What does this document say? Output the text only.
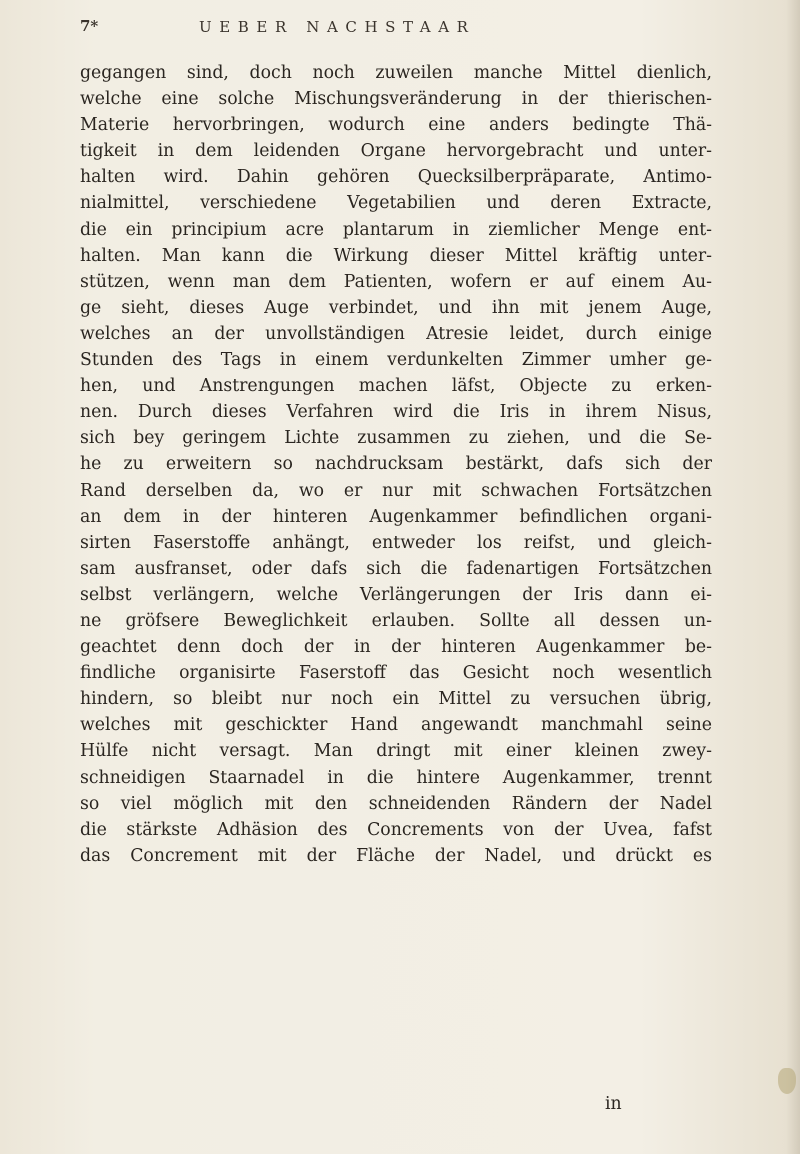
7*	UEBER NACHSTAAR
gegangen sind, doch noch zuweilen manche Mittel dienlich,
welche eine solche Mischungsveränderung in der thierischen-
Materie hervorbringen, wodurch eine anders bedingte Thä-
tigkeit in dem leidenden Organe hervorgebracht und unter-
halten wird. Dahin gehören Quecksilberpräparate, Antimo-
nialmittel, verschiedene Vegetabilien und deren Extracte,
die ein principium acre plantarum in ziemlicher Menge ent-
halten. Man kann die Wirkung dieser Mittel kräftig unter-
stützen, wenn man dem Patienten, wofern er auf einem Au-
ge sieht, dieses Auge verbindet, und ihn mit jenem Auge,
welches an der unvollständigen Atresie leidet, durch einige
Stunden des Tags in einem verdunkelten Zimmer umher ge-
hen, und Anstrengungen machen läfst, Objecte zu erken-
nen. Durch dieses Verfahren wird die Iris in ihrem Nisus,
sich bey geringem Lichte zusammen zu ziehen, und die Se-
he zu erweitern so nachdrucksam bestärkt, dafs sich der
Rand derselben da, wo er nur mit schwachen Fortsätzchen
an dem in der hinteren Augenkammer befindlichen organi-
sirten Faserstoffe anhängt, entweder los reifst, und gleich-
sam ausfranset, oder dafs sich die fadenartigen Fortsätzchen
selbst verlängern, welche Verlängerungen der Iris dann ei-
ne gröfsere Beweglichkeit erlauben. Sollte all dessen un-
geachtet denn doch der in der hinteren Augenkammer be-
findliche organisirte Faserstoff das Gesicht noch wesentlich
hindern, so bleibt nur noch ein Mittel zu versuchen übrig,
welches mit geschickter Hand angewandt manchmahl seine
Hülfe nicht versagt. Man dringt mit einer kleinen zwey-
schneidigen Staarnadel in die hintere Augenkammer, trennt
so viel möglich mit den schneidenden Rändern der Nadel
die stärkste Adhäsion des Concrements von der Uvea, fafst
das Concrement mit der Fläche der Nadel, und drückt es
in
